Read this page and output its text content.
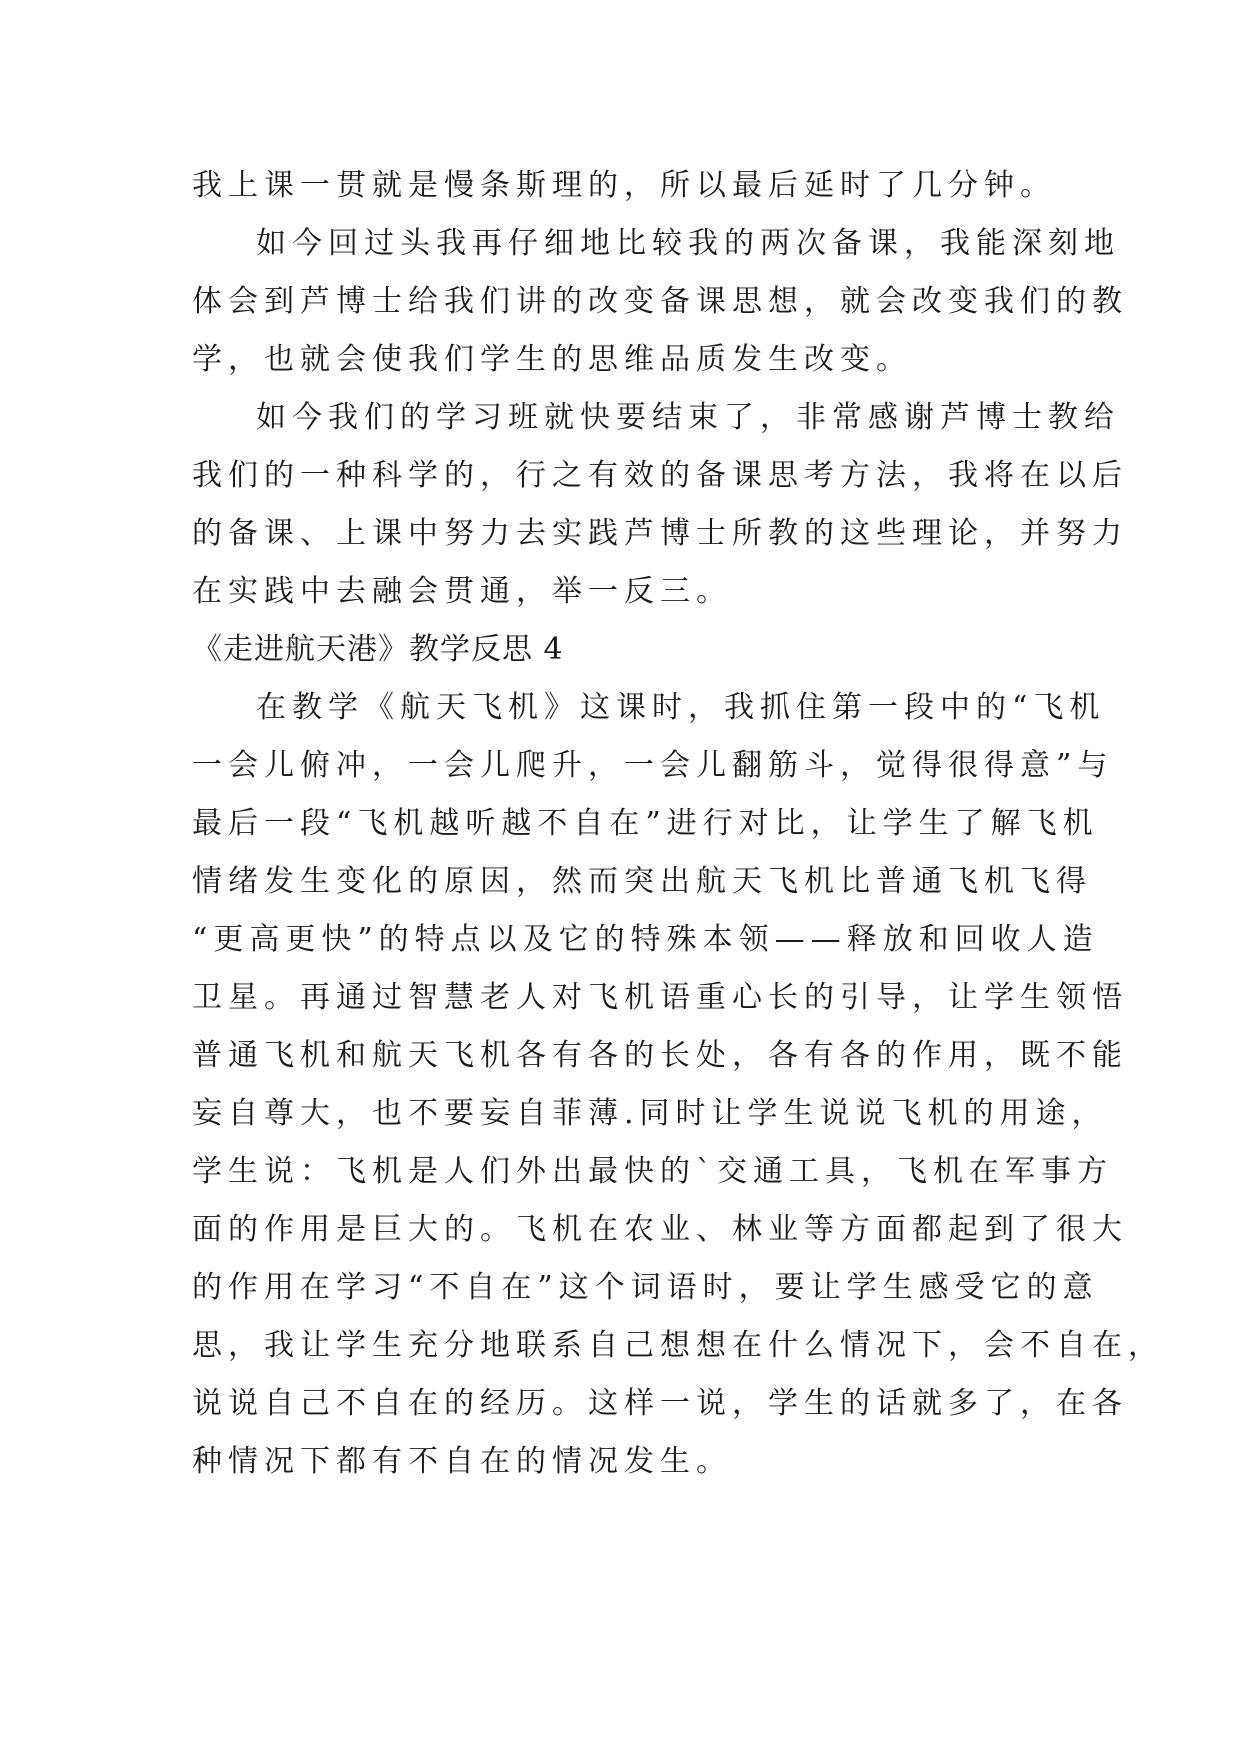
我上课一贯就是慢条斯理的，所以最后延时了几分钟。
如今回过头我再仔细地比较我的两次备课，我能深刻地
体会到芦博士给我们讲的改变备课思想，就会改变我们的教
学，也就会使我们学生的思维品质发生改变。
如今我们的学习班就快要结束了，非常感谢芦博士教给
我们的一种科学的，行之有效的备课思考方法，我将在以后
的备课、上课中努力去实践芦博士所教的这些理论，并努力
在实践中去融会贯通，举一反三。
《走进航天港》教学反思 4
在教学《航天飞机》这课时，我抓住第一段中的“飞机
一会儿俯冲，一会儿爬升，一会儿翻筋斗，觉得很得意”与
最后一段“飞机越听越不自在”进行对比，让学生了解飞机
情绪发生变化的原因，然而突出航天飞机比普通飞机飞得
“更高更快”的特点以及它的特殊本领——释放和回收人造
卫星。再通过智慧老人对飞机语重心长的引导，让学生领悟
普通飞机和航天飞机各有各的长处，各有各的作用，既不能
妄自尊大，也不要妄自菲薄.同时让学生说说飞机的用途，
学生说：飞机是人们外出最快的`交通工具，飞机在军事方
面的作用是巨大的。飞机在农业、林业等方面都起到了很大
的作用在学习“不自在”这个词语时，要让学生感受它的意
思，我让学生充分地联系自己想想在什么情况下，会不自在，
说说自己不自在的经历。这样一说，学生的话就多了，在各
种情况下都有不自在的情况发生。
